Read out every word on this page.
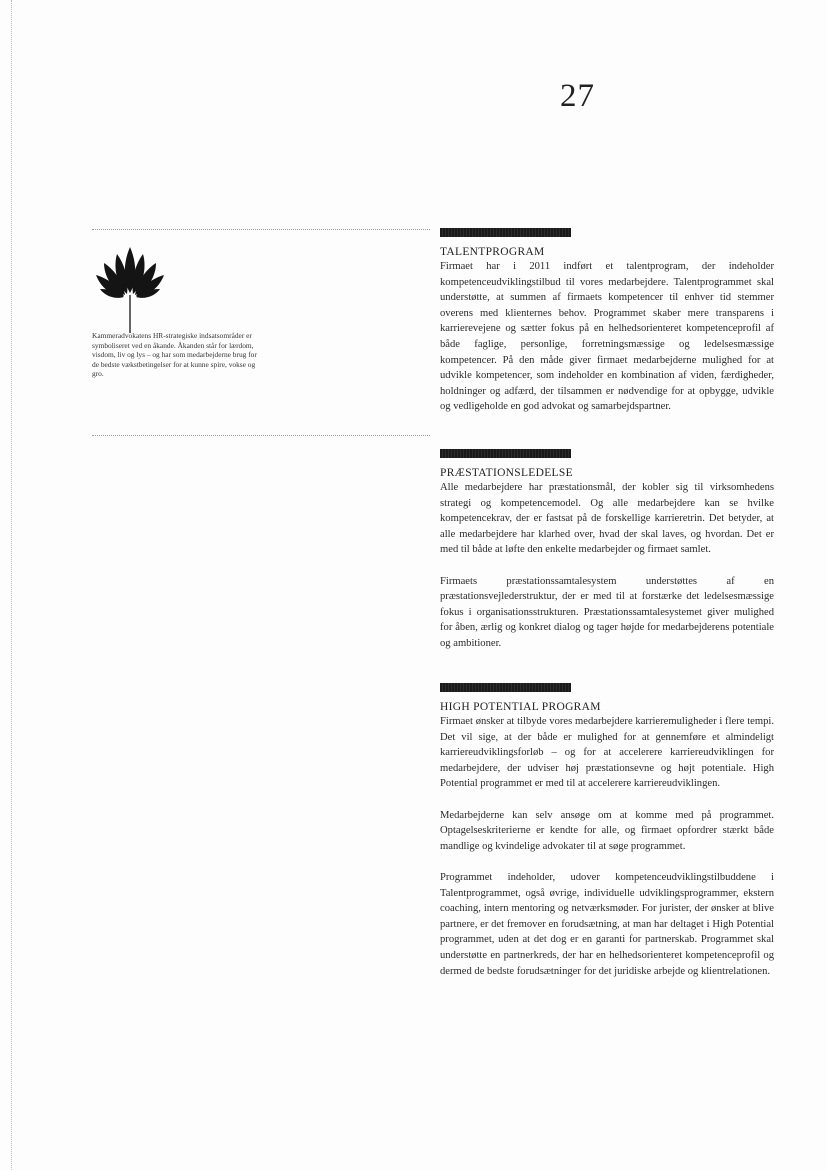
27
Kammeradvokatens HR-strategiske indsatsområder er symboliseret ved en åkande. Åkanden står for lærdom, visdom, liv og lys – og har som medarbejderne brug for de bedste vækstbetingelser for at kunne spire, vokse og gro.
TALENTPROGRAM

Firmaet har i 2011 indført et talentprogram, der indeholder kompetenceudviklingstilbud til vores medarbejdere. Talentprogrammet skal understøtte, at summen af firmaets kompetencer til enhver tid stemmer overens med klienternes behov. Programmet skaber mere transparens i karrierevejene og sætter fokus på en helhedsorienteret kompetenceprofil af både faglige, personlige, forretningsmæssige og ledelsesmæssige kompetencer. På den måde giver firmaet medarbejderne mulighed for at udvikle kompetencer, som indeholder en kombination af viden, færdigheder, holdninger og adfærd, der tilsammen er nødvendige for at opbygge, udvikle og vedligeholde en god advokat og samarbejdspartner.

PRÆSTATIONSLEDELSE

Alle medarbejdere har præstationsmål, der kobler sig til virksomhedens strategi og kompetencemodel. Og alle medarbejdere kan se hvilke kompetencekrav, der er fastsat på de forskellige karrieretrin. Det betyder, at alle medarbejdere har klarhed over, hvad der skal laves, og hvordan. Det er med til både at løfte den enkelte medarbejder og firmaet samlet.

Firmaets præstationssamtalesystem understøttes af en præstationsvejlederstruktur, der er med til at forstærke det ledelsesmæssige fokus i organisationsstrukturen. Præstationssamtalesystemet giver mulighed for åben, ærlig og konkret dialog og tager højde for medarbejderens potentiale og ambitioner.

HIGH POTENTIAL PROGRAM

Firmaet ønsker at tilbyde vores medarbejdere karrieremuligheder i flere tempi. Det vil sige, at der både er mulighed for at gennemføre et almindeligt karriereudviklingsforløb – og for at accelerere karriereudviklingen for medarbejdere, der udviser høj præstationsevne og højt potentiale. High Potential programmet er med til at accelerere karriereudviklingen.

Medarbejderne kan selv ansøge om at komme med på programmet. Optagelseskriterierne er kendte for alle, og firmaet opfordrer stærkt både mandlige og kvindelige advokater til at søge programmet.

Programmet indeholder, udover kompetenceudviklingstilbuddene i Talentprogrammet, også øvrige, individuelle udviklingsprogrammer, ekstern coaching, intern mentoring og netværksmøder. For jurister, der ønsker at blive partnere, er det fremover en forudsætning, at man har deltaget i High Potential programmet, uden at det dog er en garanti for partnerskab. Programmet skal understøtte en partnerkreds, der har en helhedsorienteret kompetenceprofil og dermed de bedste forudsætninger for det juridiske arbejde og klientrelationen.
